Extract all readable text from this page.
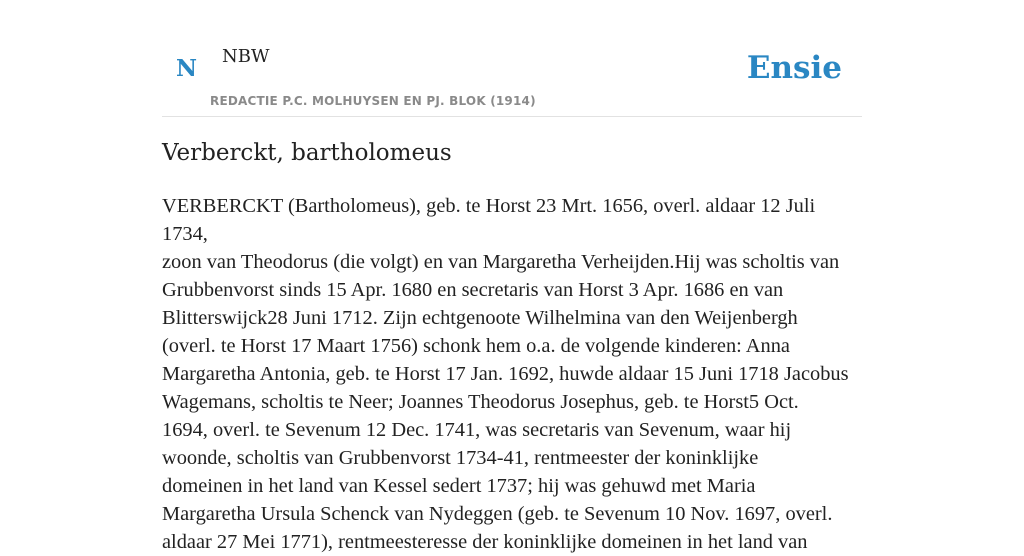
N NBW
REDACTIE P.C. MOLHUYSEN EN PJ. BLOK (1914)
Ensie
Verberckt, bartholomeus
VERBERCKT (Bartholomeus), geb. te Horst 23 Mrt. 1656, overl. aldaar 12 Juli 1734,
zoon van Theodorus (die volgt) en van Margaretha Verheijden.Hij was scholtis van
Grubbenvorst sinds 15 Apr. 1680 en secretaris van Horst 3 Apr. 1686 en van
Blitterswijck28 Juni 1712. Zijn echtgenoote Wilhelmina van den Weijenbergh
(overl. te Horst 17 Maart 1756) schonk hem o.a. de volgende kinderen: Anna
Margaretha Antonia, geb. te Horst 17 Jan. 1692, huwde aldaar 15 Juni 1718 Jacobus
Wagemans, scholtis te Neer; Joannes Theodorus Josephus, geb. te Horst5 Oct.
1694, overl. te Sevenum 12 Dec. 1741, was secretaris van Sevenum, waar hij
woonde, scholtis van Grubbenvorst 1734-41, rentmeester der koninklijke
domeinen in het land van Kessel sedert 1737; hij was gehuwd met Maria
Margaretha Ursula Schenck van Nydeggen (geb. te Sevenum 10 Nov. 1697, overl.
aldaar 27 Mei 1771), rentmeesteresse der koninklijke domeinen in het land van
